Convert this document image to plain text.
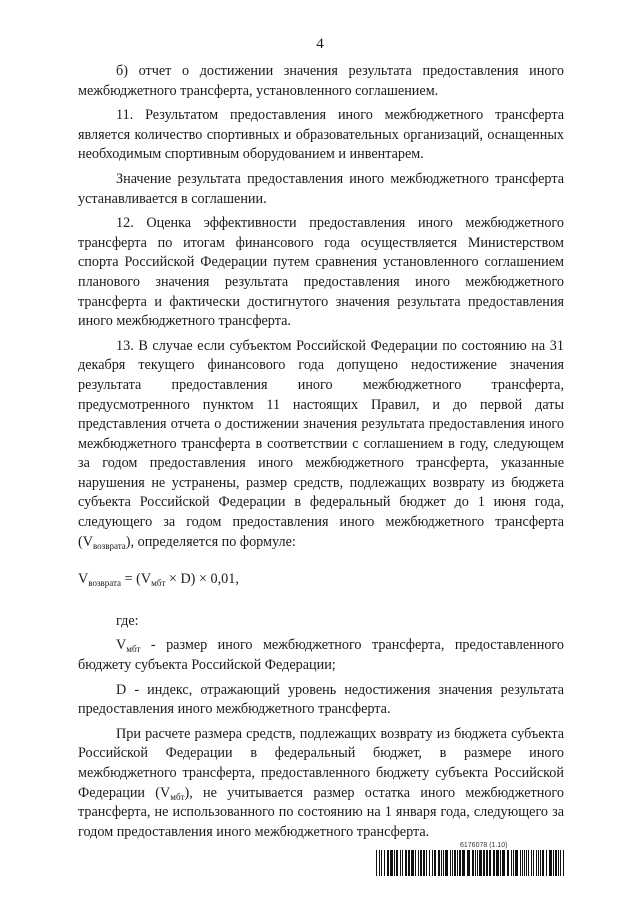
4

б) отчет о достижении значения результата предоставления иного межбюджетного трансферта, установленного соглашением.

11. Результатом предоставления иного межбюджетного трансферта является количество спортивных и образовательных организаций, оснащенных необходимым спортивным оборудованием и инвентарем.

Значение результата предоставления иного межбюджетного трансферта устанавливается в соглашении.

12. Оценка эффективности предоставления иного межбюджетного трансферта по итогам финансового года осуществляется Министерством спорта Российской Федерации путем сравнения установленного соглашением планового значения результата предоставления иного межбюджетного трансферта и фактически достигнутого значения результата предоставления иного межбюджетного трансферта.

13. В случае если субъектом Российской Федерации по состоянию на 31 декабря текущего финансового года допущено недостижение значения результата предоставления иного межбюджетного трансферта, предусмотренного пунктом 11 настоящих Правил, и до первой даты представления отчета о достижении значения результата предоставления иного межбюджетного трансферта в соответствии с соглашением в году, следующем за годом предоставления иного межбюджетного трансферта, указанные нарушения не устранены, размер средств, подлежащих возврату из бюджета субъекта Российской Федерации в федеральный бюджет до 1 июня года, следующего за годом предоставления иного межбюджетного трансферта $(V_{возврата})$, определяется по формуле:

$V_{возврата} = (V_{мбт} \times D) \times 0,01$,

где:

$V_{мбт}$ - размер иного межбюджетного трансферта, предоставленного бюджету субъекта Российской Федерации;

D - индекс, отражающий уровень недостижения значения результата предоставления иного межбюджетного трансферта.

При расчете размера средств, подлежащих возврату из бюджета субъекта Российской Федерации в федеральный бюджет, в размере иного межбюджетного трансферта, предоставленного бюджету субъекта Российской Федерации $(V_{мбт})$, не учитывается размер остатка иного межбюджетного трансферта, не использованного по состоянию на 1 января года, следующего за годом предоставления иного межбюджетного трансферта.

6176078 (1.10)
